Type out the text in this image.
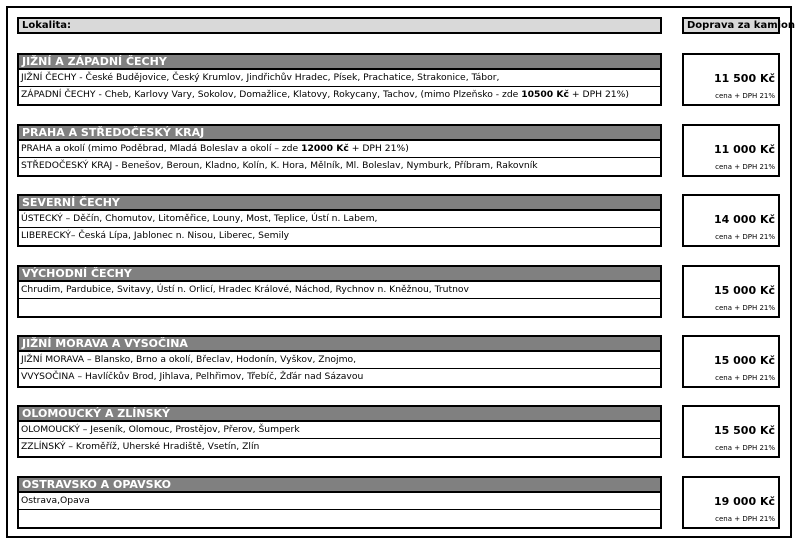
Lokalita:	Doprava za kamion
JIŽNÍ A ZÁPADNÍ ČECHY
JIŽNÍ ČECHY - České Budějovice, Český Krumlov, Jindřichův Hradec, Písek, Prachatice, Strakonice, Tábor,
ZÁPADNÍ ČECHY - Cheb, Karlovy Vary, Sokolov, Domažlice, Klatovy, Rokycany, Tachov, (mimo Plzeňsko - zde 10500 Kč + DPH 21%)
11 500 Kč
cena + DPH 21%
PRAHA A STŘEDOČESKÝ KRAJ
PRAHA a okolí (mimo Poděbrad, Mladá Boleslav a okolí – zde 12000 Kč + DPH 21%)
STŘEDOČESKÝ KRAJ - Benešov, Beroun, Kladno, Kolín, K. Hora, Mělník, Ml. Boleslav, Nymburk, Příbram, Rakovník
11 000 Kč
cena + DPH 21%
SEVERNÍ ČECHY
ÚSTECKÝ – Děčín, Chomutov, Litoměřice, Louny, Most, Teplice, Ústí n. Labem,
LIBERECKÝ– Česká Lípa, Jablonec n. Nisou, Liberec, Semily
14 000 Kč
cena + DPH 21%
VÝCHODNÍ ČECHY
Chrudim, Pardubice, Svitavy, Ústí n. Orlicí, Hradec Králové, Náchod, Rychnov n. Kněžnou, Trutnov	15 000 Kč
cena + DPH 21%
JIŽNÍ MORAVA A VYSOČINA
JIŽNÍ MORAVA – Blansko, Brno a okolí, Břeclav, Hodonín, Vyškov, Znojmo,
VVYSOČINA – Havlíčkův Brod, Jihlava, Pelhřimov, Třebíč, Žďár nad Sázavou
15 000 Kč
cena + DPH 21%
OLOMOUCKÝ A ZLÍNSKÝ
OLOMOUCKÝ – Jeseník, Olomouc, Prostějov, Přerov, Šumperk
ZZLÍNSKÝ – Kroměříž, Uherské Hradiště, Vsetín, Zlín
15 500 Kč
cena + DPH 21%
OSTRAVSKO A OPAVSKO
Ostrava,Opava	19 000 Kč
cena + DPH 21%
